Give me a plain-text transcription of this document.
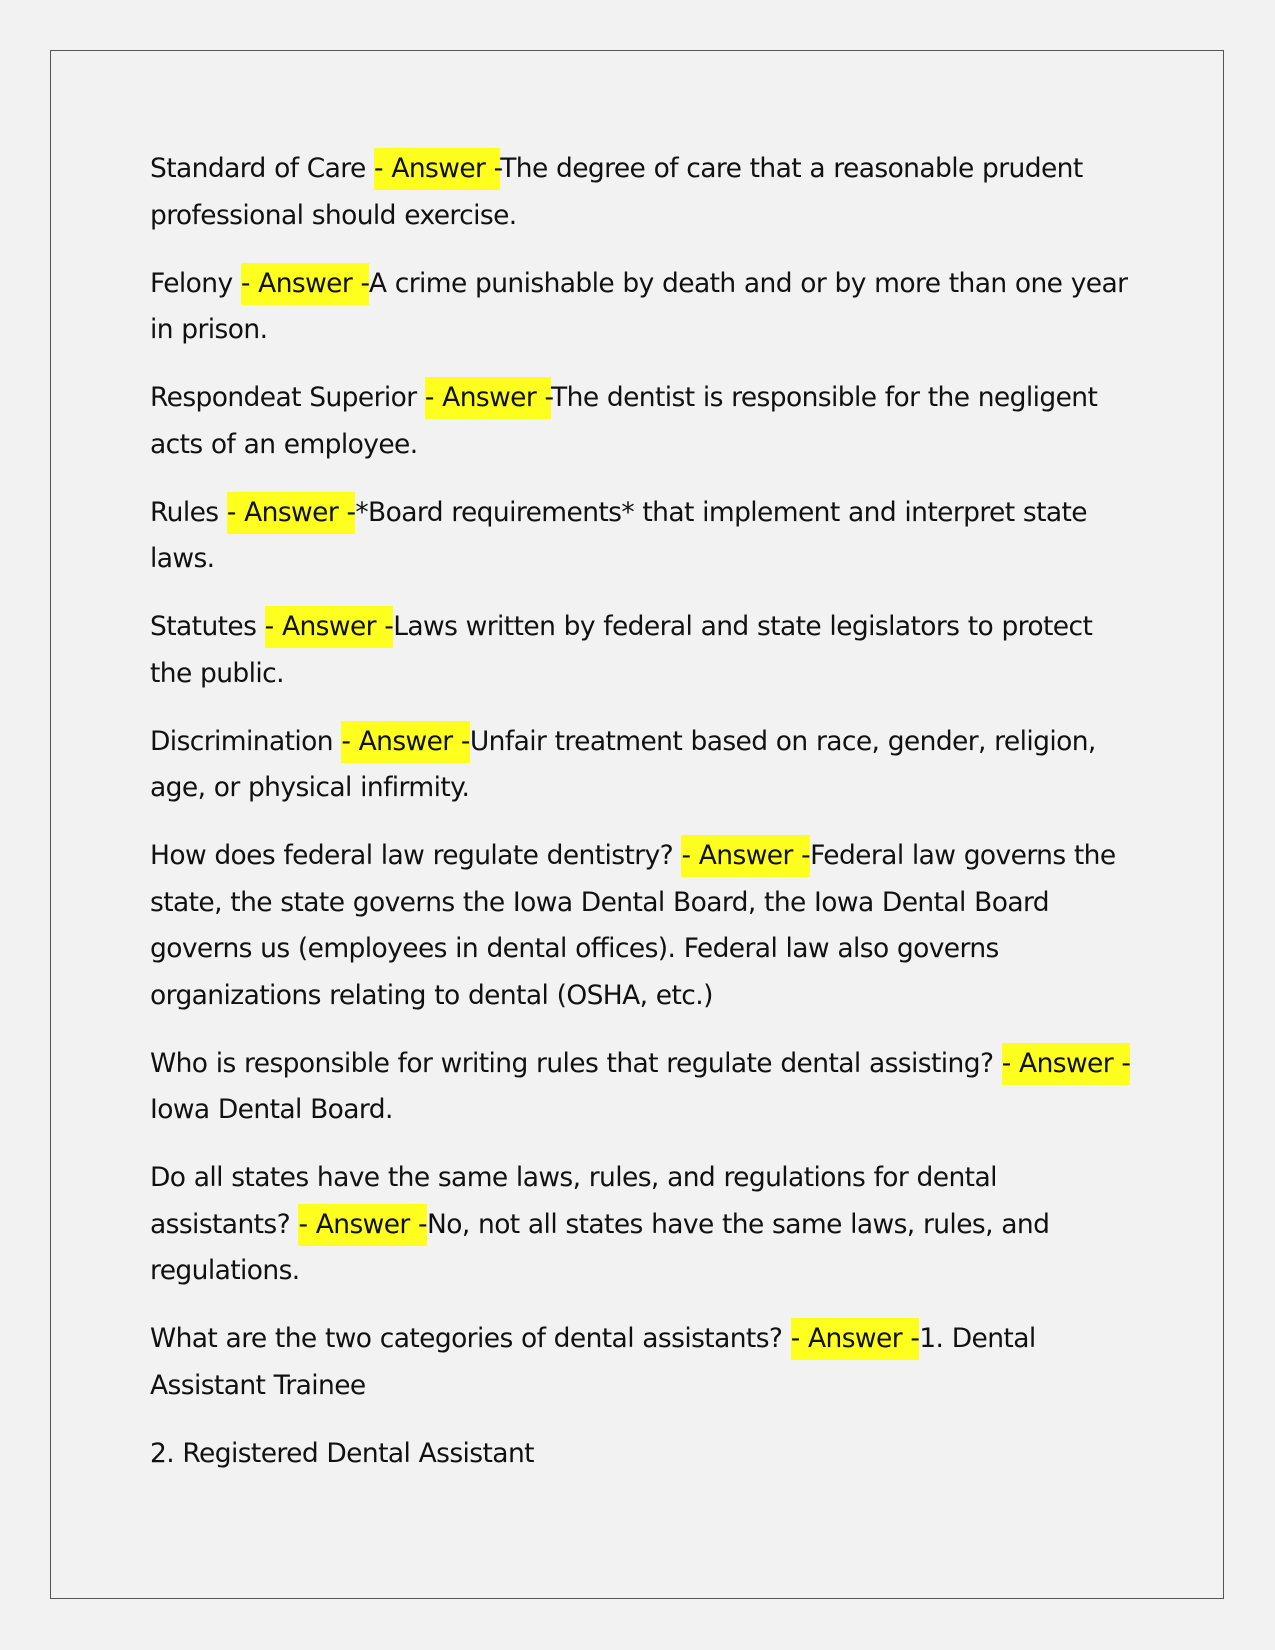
Standard of Care - Answer -The degree of care that a reasonable prudent professional should exercise.

Felony - Answer -A crime punishable by death and or by more than one year in prison.

Respondeat Superior - Answer -The dentist is responsible for the negligent acts of an employee.

Rules - Answer -*Board requirements* that implement and interpret state laws.

Statutes - Answer -Laws written by federal and state legislators to protect the public.

Discrimination - Answer -Unfair treatment based on race, gender, religion, age, or physical infirmity.

How does federal law regulate dentistry? - Answer -Federal law governs the state, the state governs the Iowa Dental Board, the Iowa Dental Board governs us (employees in dental offices). Federal law also governs organizations relating to dental (OSHA, etc.)

Who is responsible for writing rules that regulate dental assisting? - Answer -Iowa Dental Board.

Do all states have the same laws, rules, and regulations for dental assistants? - Answer -No, not all states have the same laws, rules, and regulations.

What are the two categories of dental assistants? - Answer -1. Dental Assistant Trainee

2. Registered Dental Assistant
